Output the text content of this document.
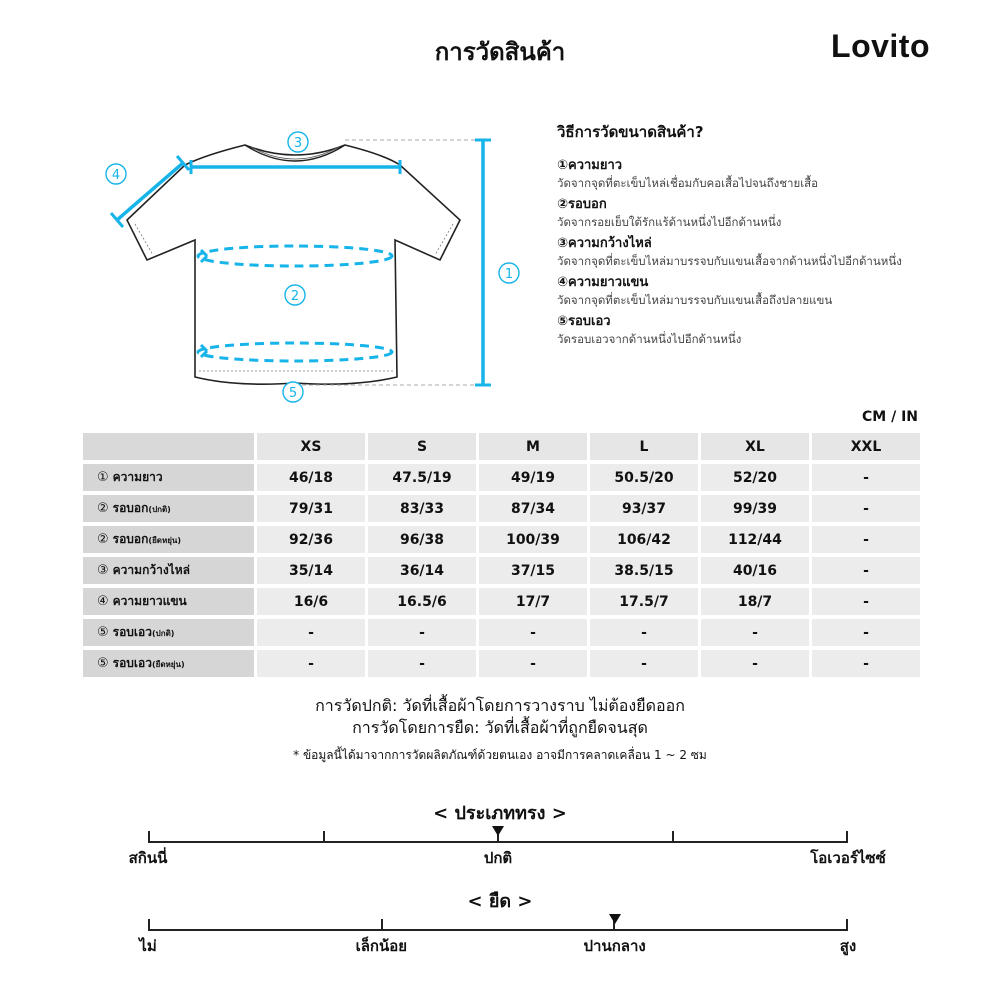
การวัดสินค้า	Lovito
3
4
1
2
5
วิธีการวัดขนาดสินค้า?
①ความยาว
วัดจากจุดที่ตะเข็บไหล่เชื่อมกับคอเสื้อไปจนถึงชายเสื้อ
②รอบอก
วัดจากรอยเย็บใต้รักแร้ด้านหนึ่งไปอีกด้านหนึ่ง
③ความกว้างไหล่
วัดจากจุดที่ตะเข็บไหล่มาบรรจบกับแขนเสื้อจากด้านหนึ่งไปอีกด้านหนึ่ง
④ความยาวแขน
วัดจากจุดที่ตะเข็บไหล่มาบรรจบกับแขนเสื้อถึงปลายแขน
⑤รอบเอว
วัดรอบเอวจากด้านหนึ่งไปอีกด้านหนึ่ง
CM / IN
	XS	S	M	L	XL	XXL
① ความยาว	46/18	47.5/19	49/19	50.5/20	52/20	-
② รอบอก(ปกติ)	79/31	83/33	87/34	93/37	99/39	-
② รอบอก(ยืดหยุ่น)	92/36	96/38	100/39	106/42	112/44	-
③ ความกว้างไหล่	35/14	36/14	37/15	38.5/15	40/16	-
④ ความยาวแขน	16/6	16.5/6	17/7	17.5/7	18/7	-
⑤ รอบเอว(ปกติ)	-	-	-	-	-	-
⑤ รอบเอว(ยืดหยุ่น)	-	-	-	-	-	-
การวัดปกติ: วัดที่เสื้อผ้าโดยการวางราบ ไม่ต้องยืดออก
การวัดโดยการยืด: วัดที่เสื้อผ้าที่ถูกยืดจนสุด
* ข้อมูลนี้ได้มาจากการวัดผลิตภัณฑ์ด้วยตนเอง อาจมีการคลาดเคลื่อน 1 ~ 2 ซม
< ประเภททรง >
< ยืด >
สกินนี่	ปกติ	โอเวอร์ไซซ์
ไม่	เล็กน้อย	ปานกลาง	สูง
